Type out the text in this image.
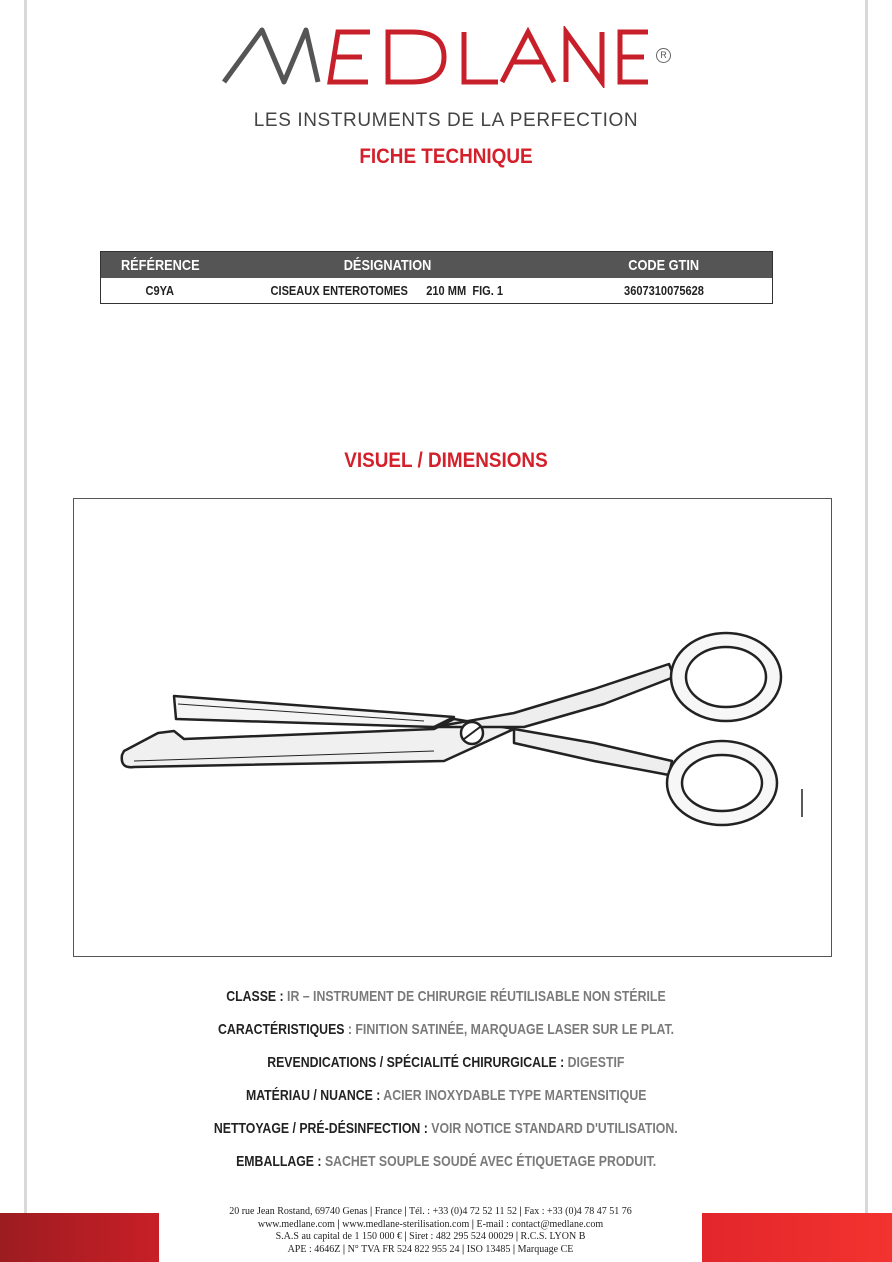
R
LES INSTRUMENTS DE LA PERFECTION
FICHE TECHNIQUE
RÉFÉRENCE	DÉSIGNATION	CODE GTIN
C9YA	CISEAUX ENTEROTOMES      210 MM  FIG. 1	3607310075628
VISUEL / DIMENSIONS
CLASSE : IR – INSTRUMENT DE CHIRURGIE RÉUTILISABLE NON STÉRILE
CARACTÉRISTIQUES : FINITION SATINÉE, MARQUAGE LASER SUR LE PLAT.
REVENDICATIONS / SPÉCIALITÉ CHIRURGICALE : DIGESTIF
MATÉRIAU / NUANCE : ACIER INOXYDABLE TYPE MARTENSITIQUE
NETTOYAGE / PRÉ-DÉSINFECTION : VOIR NOTICE STANDARD D'UTILISATION.
EMBALLAGE : SACHET SOUPLE SOUDÉ AVEC ÉTIQUETAGE PRODUIT.
20 rue Jean Rostand, 69740 Genas | France | Tél. : +33 (0)4 72 52 11 52 | Fax : +33 (0)4 78 47 51 76
www.medlane.com | www.medlane-sterilisation.com | E-mail : contact@medlane.com
S.A.S au capital de 1 150 000 € | Siret : 482 295 524 00029 | R.C.S. LYON B
APE : 4646Z | N° TVA FR 524 822 955 24 | ISO 13485 | Marquage CE
